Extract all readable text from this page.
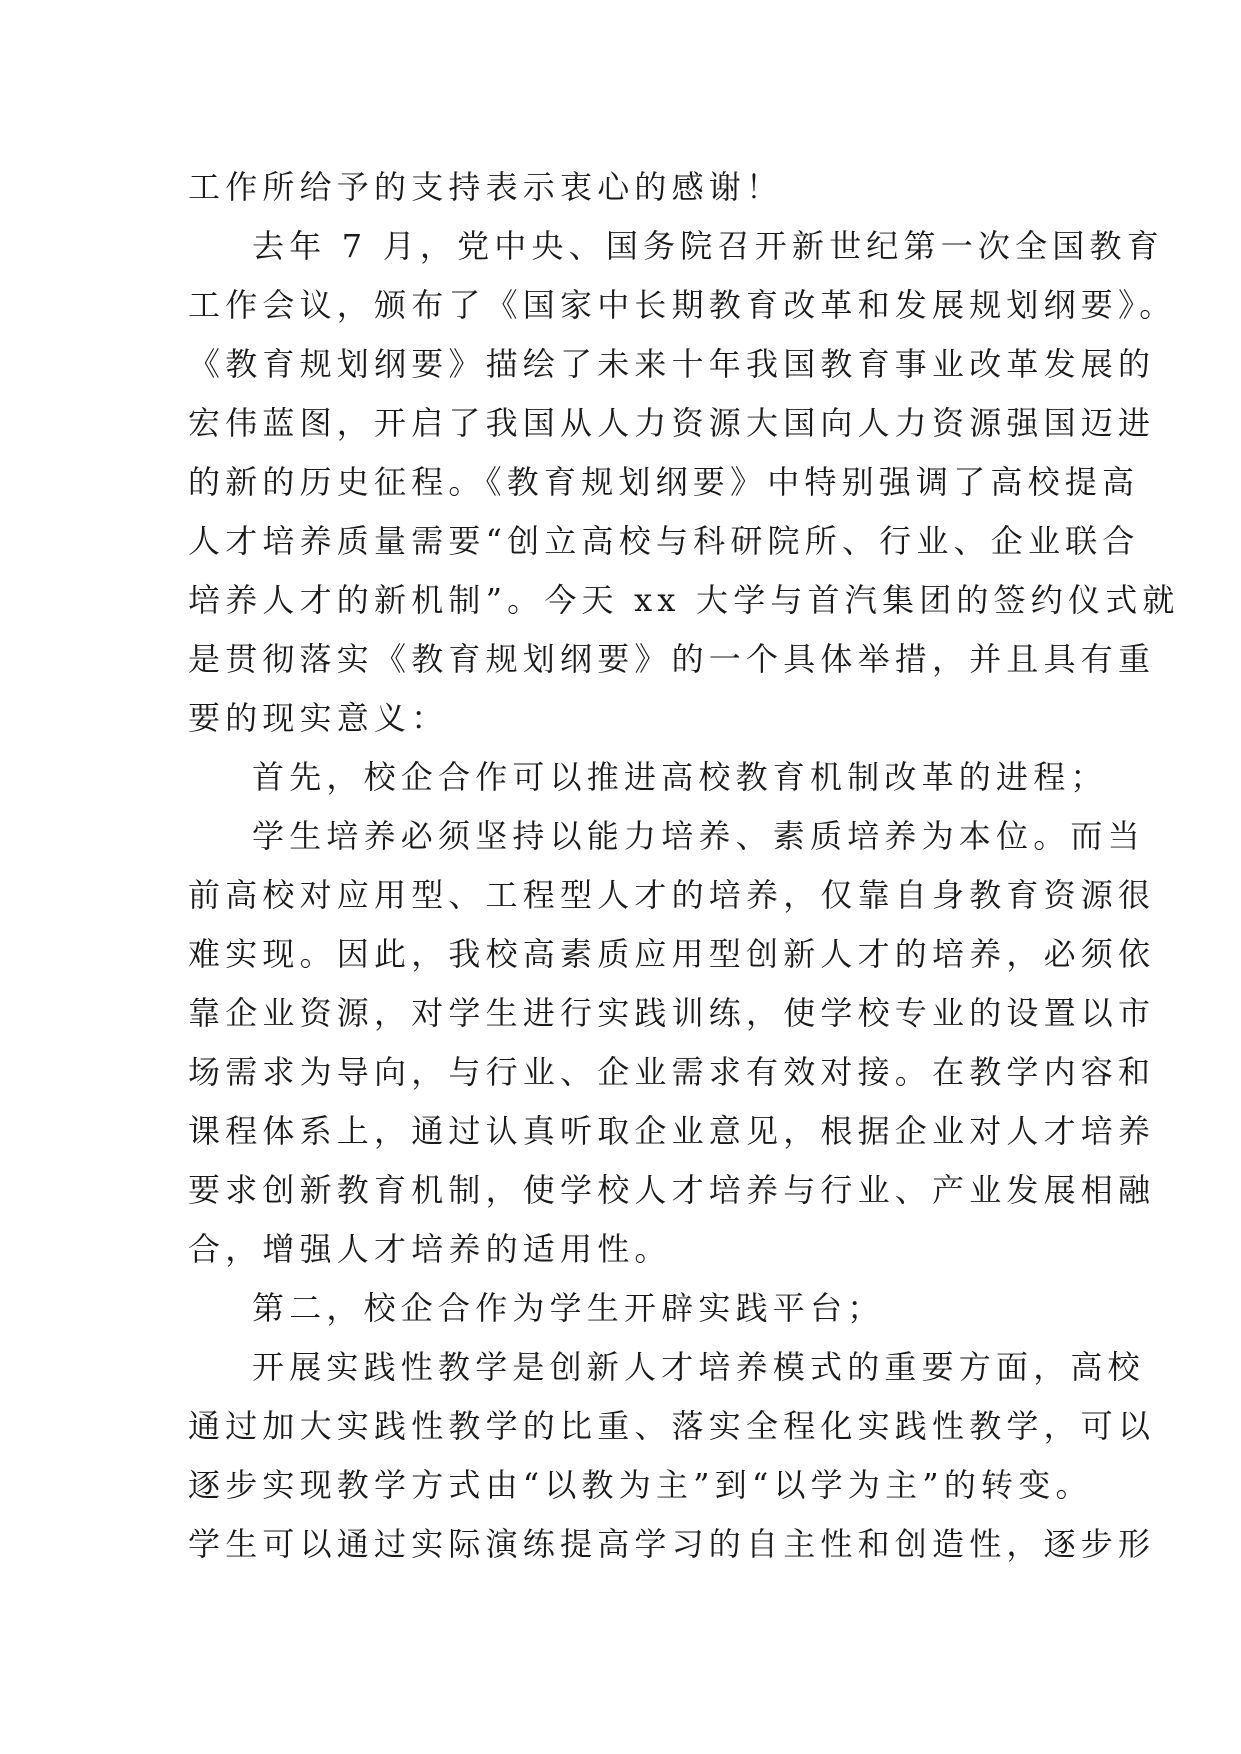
工作所给予的支持表示衷心的感谢！
去年 7 月，党中央、国务院召开新世纪第一次全国教育
工作会议，颁布了《国家中长期教育改革和发展规划纲要》。
《教育规划纲要》描绘了未来十年我国教育事业改革发展的
宏伟蓝图，开启了我国从人力资源大国向人力资源强国迈进
的新的历史征程。《教育规划纲要》中特别强调了高校提高
人才培养质量需要“创立高校与科研院所、行业、企业联合
培养人才的新机制”。今天 xx 大学与首汽集团的签约仪式就
是贯彻落实《教育规划纲要》的一个具体举措，并且具有重
要的现实意义：
首先，校企合作可以推进高校教育机制改革的进程；
学生培养必须坚持以能力培养、素质培养为本位。而当
前高校对应用型、工程型人才的培养，仅靠自身教育资源很
难实现。因此，我校高素质应用型创新人才的培养，必须依
靠企业资源，对学生进行实践训练，使学校专业的设置以市
场需求为导向，与行业、企业需求有效对接。在教学内容和
课程体系上，通过认真听取企业意见，根据企业对人才培养
要求创新教育机制，使学校人才培养与行业、产业发展相融
合，增强人才培养的适用性。
第二，校企合作为学生开辟实践平台；
开展实践性教学是创新人才培养模式的重要方面，高校
通过加大实践性教学的比重、落实全程化实践性教学，可以
逐步实现教学方式由“以教为主”到“以学为主”的转变。
学生可以通过实际演练提高学习的自主性和创造性，逐步形
